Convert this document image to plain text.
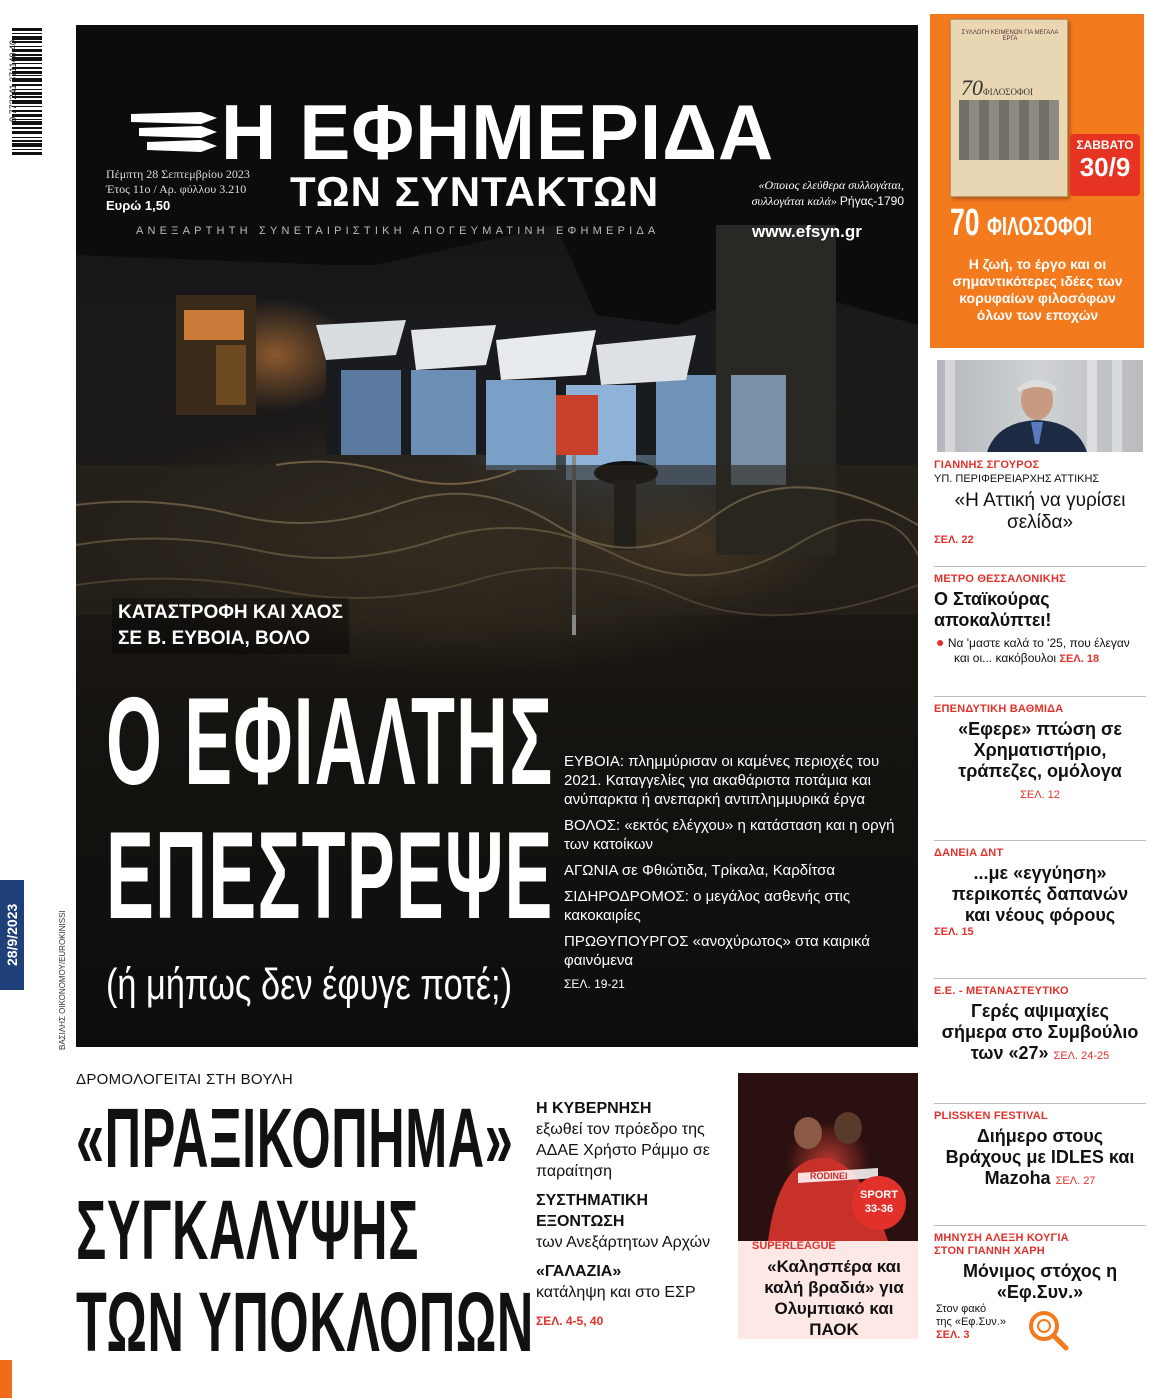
9 772241 371140 40
28/9/2023	ΒΑΣΙΛΗΣ ΟΙΚΟΝΟΜΟΥ/EUROKINISSI
Η ΕΦΗΜΕΡΙΔΑ
ΤΩΝ ΣΥΝΤΑΚΤΩΝ
Πέμπτη 28 Σεπτεμβρίου 2023
Έτος 11ο / Αρ. φύλλου 3.210
Ευρώ 1,50
«Οποιος ελεύθερα συλλογάται,
συλλογάται καλά» Ρήγας-1790
ΑΝΕΞΑΡΤΗΤΗ ΣΥΝΕΤΑΙΡΙΣΤΙΚΗ ΑΠΟΓΕΥΜΑΤΙΝΗ ΕΦΗΜΕΡΙΔΑ	www.efsyn.gr
ΚΑΤΑΣΤΡΟΦΗ ΚΑΙ ΧΑΟΣ
ΣΕ Β. ΕΥΒΟΙΑ, ΒΟΛΟ
Ο ΕΦΙΑΛΤΗΣ
ΕΠΕΣΤΡΕΨΕ
(ή μήπως δεν έφυγε ποτέ;)

ΕΥΒΟΙΑ: πλημμύρισαν οι καμένες περιοχές του 2021. Καταγγελίες για ακαθάριστα ποτάμια και ανύπαρκτα ή ανεπαρκή αντιπλημμυρικά έργα

ΒΟΛΟΣ: «εκτός ελέγχου» η κατάσταση και η οργή των κατοίκων

ΑΓΩΝΙΑ σε Φθιώτιδα, Τρίκαλα, Καρδίτσα

ΣΙΔΗΡΟΔΡΟΜΟΣ: ο μεγάλος ασθενής στις κακοκαιρίες

ΠΡΩΘΥΠΟΥΡΓΟΣ «ανοχύρωτος» στα καιρικά φαινόμενα

ΣΕΛ. 19-21
ΣΥΛΛΟΓΗ ΚΕΙΜΕΝΩΝ ΓΙΑ ΜΕΓΑΛΑ ΕΡΓΑ
70ΦΙΛΟΣΟΦΟΙ
ΣΑΒΒΑΤΟ
30/9
70 ΦΙΛΟΣΟΦΟΙ
Η ζωή, το έργο και οι σημαντικότερες ιδέες των κορυφαίων φιλοσόφων όλων των εποχών
ΓΙΑΝΝΗΣ ΣΓΟΥΡΟΣ
ΥΠ. ΠΕΡΙΦΕΡΕΙΑΡΧΗΣ ΑΤΤΙΚΗΣ
«Η Αττική να γυρίσει σελίδα»
ΣΕΛ. 22
ΜΕΤΡΟ ΘΕΣΣΑΛΟΝΙΚΗΣ
Ο Σταϊκούρας αποκαλύπτει!
● Να 'μαστε καλά το '25, που έλεγαν και οι... κακόβουλοι ΣΕΛ. 18
ΕΠΕΝΔΥΤΙΚΗ ΒΑΘΜΙΔΑ
«Εφερε» πτώση σε Χρηματιστήριο, τράπεζες, ομόλογα ΣΕΛ. 12
ΔΑΝΕΙΑ ΔΝΤ
...με «εγγύηση» περικοπές δαπανών και νέους φόρους
ΣΕΛ. 15
Ε.Ε. - ΜΕΤΑΝΑΣΤΕΥΤΙΚΟ
Γερές αψιμαχίες σήμερα στο Συμβούλιο των «27» ΣΕΛ. 24-25
PLISSKEN FESTIVAL
Διήμερο στους Βράχους με IDLES και Mazoha ΣΕΛ. 27
ΜΗΝΥΣΗ ΑΛΕΞΗ ΚΟΥΓΙΑ
ΣΤΟΝ ΓΙΑΝΝΗ ΧΑΡΗ
Μόνιμος στόχος η «Εφ.Συν.»
Στον φακό
της «Εφ.Συν.»
ΣΕΛ. 3
ΔΡΟΜΟΛΟΓΕΙΤΑΙ ΣΤΗ ΒΟΥΛΗ
«ΠΡΑΞΙΚΟΠΗΜΑ»
ΣΥΓΚΑΛΥΨΗΣ
ΤΩΝ ΥΠΟΚΛΟΠΩΝ

Η ΚΥΒΕΡΝΗΣΗ
εξωθεί τον πρόεδρο της ΑΔΑΕ Χρήστο Ράμμο σε παραίτηση

ΣΥΣΤΗΜΑΤΙΚΗ ΕΞΟΝΤΩΣΗ
των Ανεξάρτητων Αρχών

«ΓΑΛΑΖΙΑ»
κατάληψη και στο ΕΣΡ

ΣΕΛ. 4-5, 40
RODINEI
SPORT
33-36
SUPERLEAGUE
«Καλησπέρα και καλή βραδιά» για Ολυμπιακό και ΠΑΟΚ
